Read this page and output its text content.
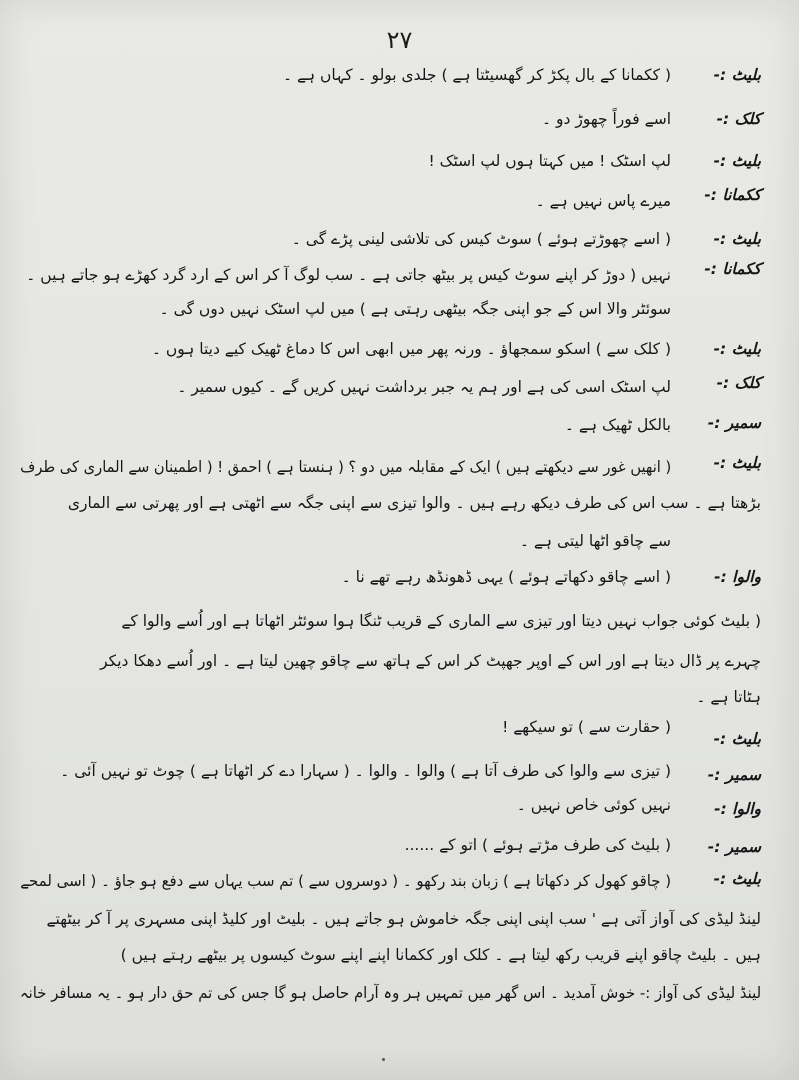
۲۷
بلیٹ :-
( ککمانا کے بال پکڑ کر گھسیٹتا ہے ) جلدی بولو ۔ کہاں ہے ۔
کلک :-
اسے فوراً چھوڑ دو ۔
بلیٹ :-
لپ اسٹک ! میں کہتا ہوں لپ اسٹک !
ککمانا :-
میرے پاس نہیں ہے ۔
بلیٹ :-
( اسے چھوڑتے ہوئے ) سوٹ کیس کی تلاشی لینی پڑے گی ۔
ککمانا :-
نہیں ( دوڑ کر اپنے سوٹ کیس پر بیٹھ جاتی ہے ۔ سب لوگ آ کر اس کے ارد گرد کھڑے ہو جاتے ہیں ۔
سوئٹر والا اس کے جو اپنی جگہ بیٹھی رہتی ہے ) میں لپ اسٹک نہیں دوں گی ۔
بلیٹ :-
( کلک سے ) اسکو سمجھاؤ ۔ ورنہ پھر میں ابھی اس کا دماغ ٹھیک کیے دیتا ہوں ۔
کلک :-
لپ اسٹک اسی کی ہے اور ہم یہ جبر برداشت نہیں کریں گے ۔ کیوں سمیر ۔
سمیر :-
بالکل ٹھیک ہے ۔
بلیٹ :-
( انھیں غور سے دیکھتے ہیں ) ایک کے مقابلہ میں دو ؟ ( ہنستا ہے ) احمق ! ( اطمینان سے الماری کی طرف
بڑھتا ہے ۔ سب اس کی طرف دیکھ رہے ہیں ۔ والوا تیزی سے اپنی جگہ سے اٹھتی ہے اور پھرتی سے الماری
سے چاقو اٹھا لیتی ہے ۔
والوا :-
( اسے چاقو دکھاتے ہوئے ) یہی ڈھونڈھ رہے تھے نا ۔
( بلیٹ کوئی جواب نہیں دیتا اور تیزی سے الماری کے قریب ٹنگا ہوا سوئٹر اٹھاتا ہے اور اُسے والوا کے
چہرے پر ڈال دیتا ہے اور اس کے اوپر جھپٹ کر اس کے ہاتھ سے چاقو چھین لیتا ہے ۔ اور اُسے دھکا دیکر
ہٹاتا ہے ۔
بلیٹ :-
( حقارت سے ) تو سیکھے !
سمیر :-
( تیزی سے والوا کی طرف آتا ہے ) والوا ۔ والوا ۔ ( سہارا دے کر اٹھاتا ہے ) چوٹ تو نہیں آئی ۔
والوا :-
نہیں کوئی خاص نہیں ۔
سمیر :-
( بلیٹ کی طرف مڑتے ہوئے ) اتو کے ......
بلیٹ :-
( چاقو کھول کر دکھاتا ہے ) زبان بند رکھو ۔ ( دوسروں سے ) تم سب یہاں سے دفع ہو جاؤ ۔ ( اسی لمحے
لینڈ لیڈی کی آواز آتی ہے ' سب اپنی اپنی جگہ خاموش ہو جاتے ہیں ۔ بلیٹ اور کلیڈ اپنی مسہری پر آ کر بیٹھتے
ہیں ۔ بلیٹ چاقو اپنے قریب رکھ لیتا ہے ۔ کلک اور ککمانا اپنے اپنے سوٹ کیسوں پر بیٹھے رہتے ہیں )
لینڈ لیڈی کی آواز :- خوش آمدید ۔ اس گھر میں تمہیں ہر وہ آرام حاصل ہو گا جس کی تم حق دار ہو ۔ یہ مسافر خانہ
